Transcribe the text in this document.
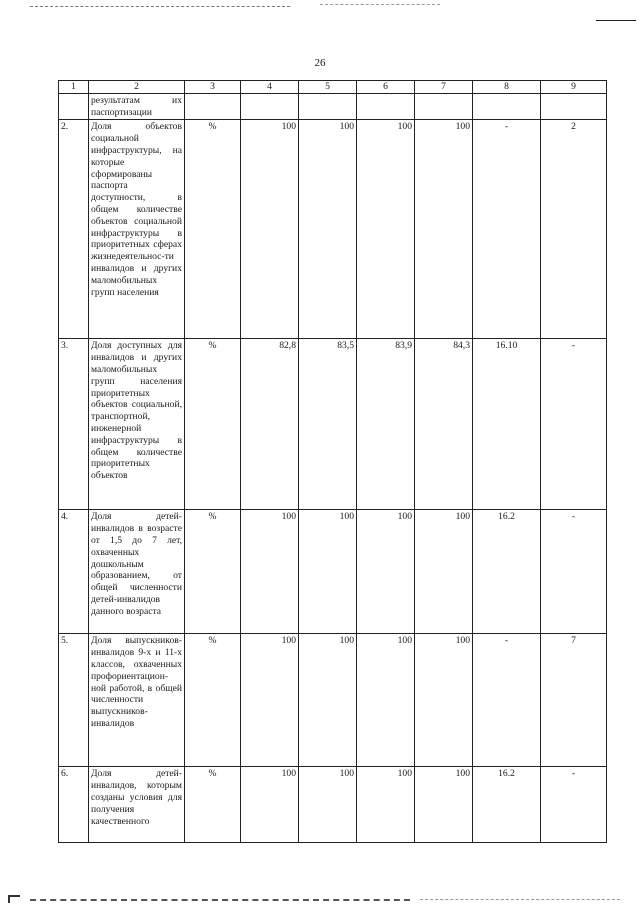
26
1	2	3	4	5	6	7	8	9
	результатам их паспортизации							
2.	Доля объектов социальной инфраструктуры, на которые сформированы паспорта доступности, в общем количестве объектов социальной инфраструктуры в приоритетных сферах жизнедеятельнос-ти инвалидов и других маломобильных групп населения	%	100	100	100	100	-	2
3.	Доля доступных для инвалидов и других маломобильных групп населения приоритетных объектов социальной, транспортной, инженерной инфраструктуры в общем количестве приоритетных объектов	%	82,8	83,5	83,9	84,3	16.10	-
4.	Доля детей-инвалидов в возрасте от 1,5 до 7 лет, охваченных дошкольным образованием, от общей численности детей-инвалидов данного возраста	%	100	100	100	100	16.2	-
5.	Доля выпускников-инвалидов 9-х и 11-х классов, охваченных профориентацион-ной работой, в общей численности выпускников-инвалидов	%	100	100	100	100	-	7
6.	Доля детей-инвалидов, которым созданы условия для получения качественного	%	100	100	100	100	16.2	-
